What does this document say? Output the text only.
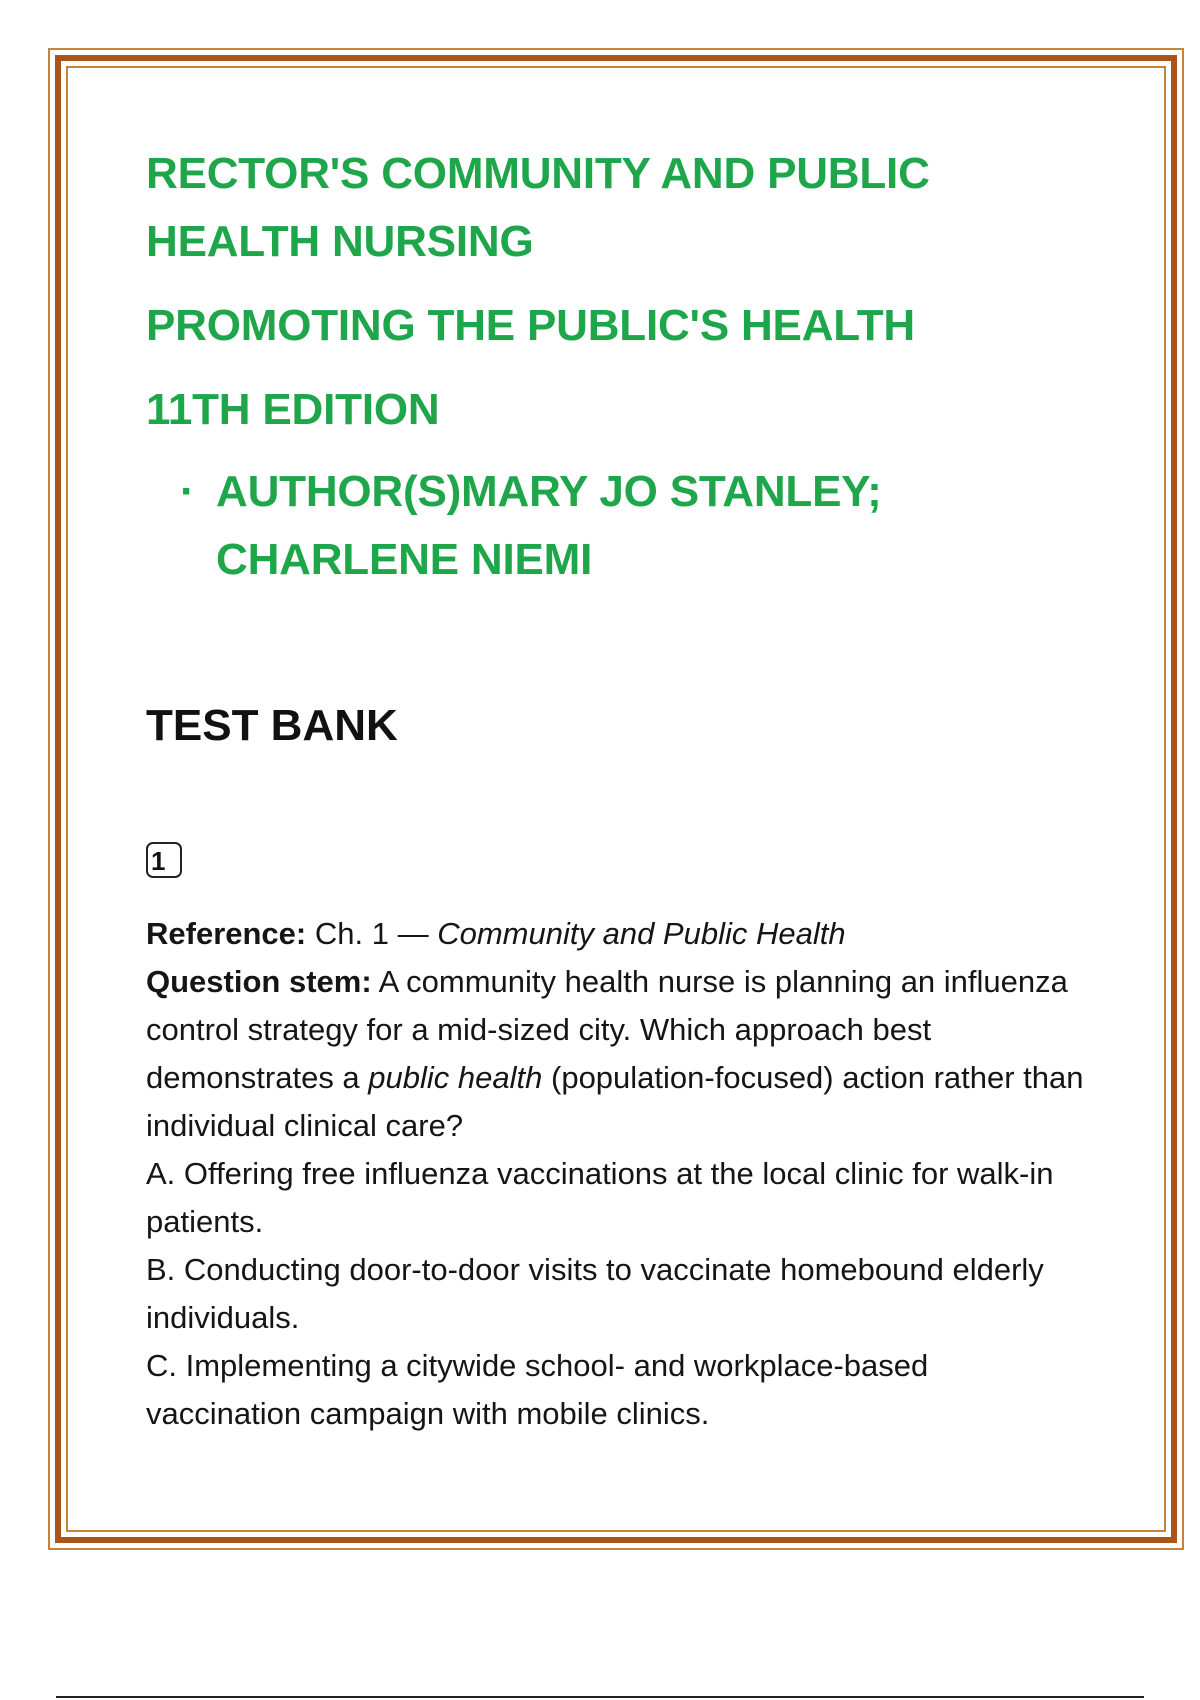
RECTOR'S COMMUNITY AND PUBLIC

HEALTH NURSING

PROMOTING THE PUBLIC'S HEALTH

11TH EDITION

· AUTHOR(S)MARY JO STANLEY;

CHARLENE NIEMI

TEST BANK
1

Reference: Ch. 1 — Community and Public Health

Question stem: A community health nurse is planning an influenza control strategy for a mid-sized city. Which approach best demonstrates a public health (population-focused) action rather than individual clinical care?

A. Offering free influenza vaccinations at the local clinic for walk-in patients.

B. Conducting door-to-door visits to vaccinate homebound elderly individuals.

C. Implementing a citywide school- and workplace-based vaccination campaign with mobile clinics.
